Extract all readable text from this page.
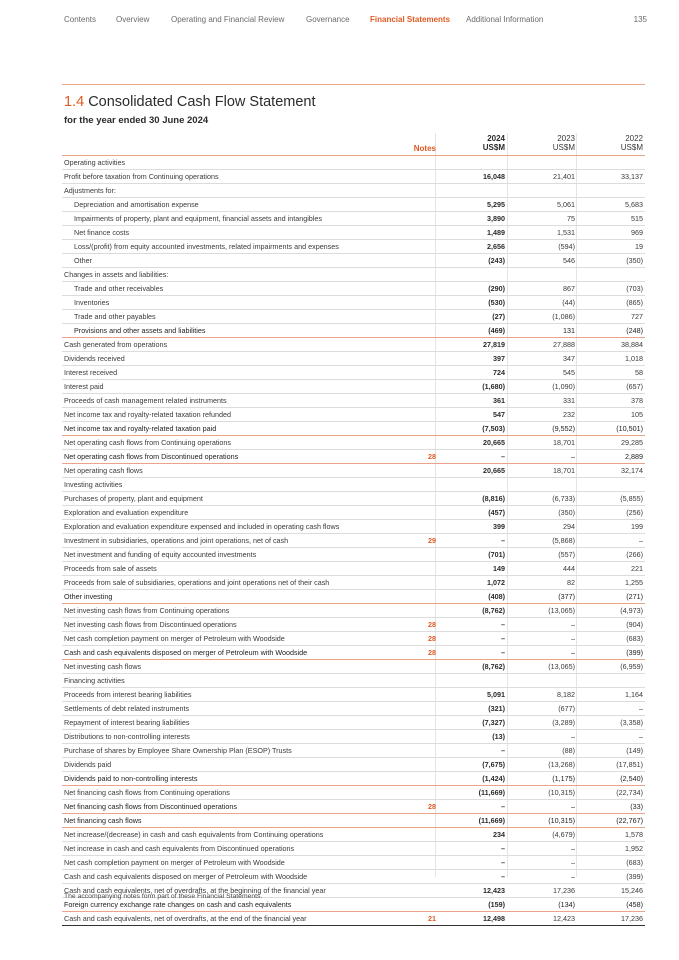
Contents Overview	Operating and Financial Review	Governance	Financial Statements Additional Information	135
1.4 Consolidated Cash Flow Statement
for the year ended 30 June 2024
Notes
2024
US$M
2023
US$M
2022
US$M
Operating activities
Profit before taxation from Continuing operations	16,048	21,401	33,137
Adjustments for:
Depreciation and amortisation expense	5,295	5,061	5,683
Impairments of property, plant and equipment, financial assets and intangibles	3,890	75	515
Net finance costs	1,489	1,531	969
Loss/(profit) from equity accounted investments, related impairments and expenses	2,656	(594)	19
Other	(243)	546	(350)
Changes in assets and liabilities:
Trade and other receivables	(290)	867	(703)
Inventories	(530)	(44)	(865)
Trade and other payables	(27)	(1,086)	727
Provisions and other assets and liabilities	(469)	131	(248)
Cash generated from operations	27,819	27,888	38,884
Dividends received	397	347	1,018
Interest received	724	545	58
Interest paid	(1,680)	(1,090)	(657)
Proceeds of cash management related instruments	361	331	378
Net income tax and royalty-related taxation refunded	547	232	105
Net income tax and royalty-related taxation paid	(7,503)	(9,552)	(10,501)
Net operating cash flows from Continuing operations	20,665	18,701	29,285
Net operating cash flows from Discontinued operations	28	–	–	2,889
Net operating cash flows	20,665	18,701	32,174
Investing activities
Purchases of property, plant and equipment	(8,816)	(6,733)	(5,855)
Exploration and evaluation expenditure	(457)	(350)	(256)
Exploration and evaluation expenditure expensed and included in operating cash flows	399	294	199
Investment in subsidiaries, operations and joint operations, net of cash	29	–	(5,868)	–
Net investment and funding of equity accounted investments	(701)	(557)	(266)
Proceeds from sale of assets	149	444	221
Proceeds from sale of subsidiaries, operations and joint operations net of their cash	1,072	82	1,255
Other investing	(408)	(377)	(271)
Net investing cash flows from Continuing operations	(8,762)	(13,065)	(4,973)
Net investing cash flows from Discontinued operations	28	–	–	(904)
Net cash completion payment on merger of Petroleum with Woodside	28	–	–	(683)
Cash and cash equivalents disposed on merger of Petroleum with Woodside	28	–	–	(399)
Net investing cash flows	(8,762)	(13,065)	(6,959)
Financing activities
Proceeds from interest bearing liabilities	5,091	8,182	1,164
Settlements of debt related instruments	(321)	(677)	–
Repayment of interest bearing liabilities	(7,327)	(3,289)	(3,358)
Distributions to non-controlling interests	(13)	–	–
Purchase of shares by Employee Share Ownership Plan (ESOP) Trusts	–	(88)	(149)
Dividends paid	(7,675)	(13,268)	(17,851)
Dividends paid to non-controlling interests	(1,424)	(1,175)	(2,540)
Net financing cash flows from Continuing operations	(11,669)	(10,315)	(22,734)
Net financing cash flows from Discontinued operations	28	–	–	(33)
Net financing cash flows	(11,669)	(10,315)	(22,767)
Net increase/(decrease) in cash and cash equivalents from Continuing operations	234	(4,679)	1,578
Net increase in cash and cash equivalents from Discontinued operations	–	–	1,952
Net cash completion payment on merger of Petroleum with Woodside	–	–	(683)
Cash and cash equivalents disposed on merger of Petroleum with Woodside	–	–	(399)
Cash and cash equivalents, net of overdrafts, at the beginning of the financial year	12,423	17,236	15,246
Foreign currency exchange rate changes on cash and cash equivalents	(159)	(134)	(458)
Cash and cash equivalents, net of overdrafts, at the end of the financial year	21	12,498	12,423	17,236
The accompanying notes form part of these Financial Statements.
